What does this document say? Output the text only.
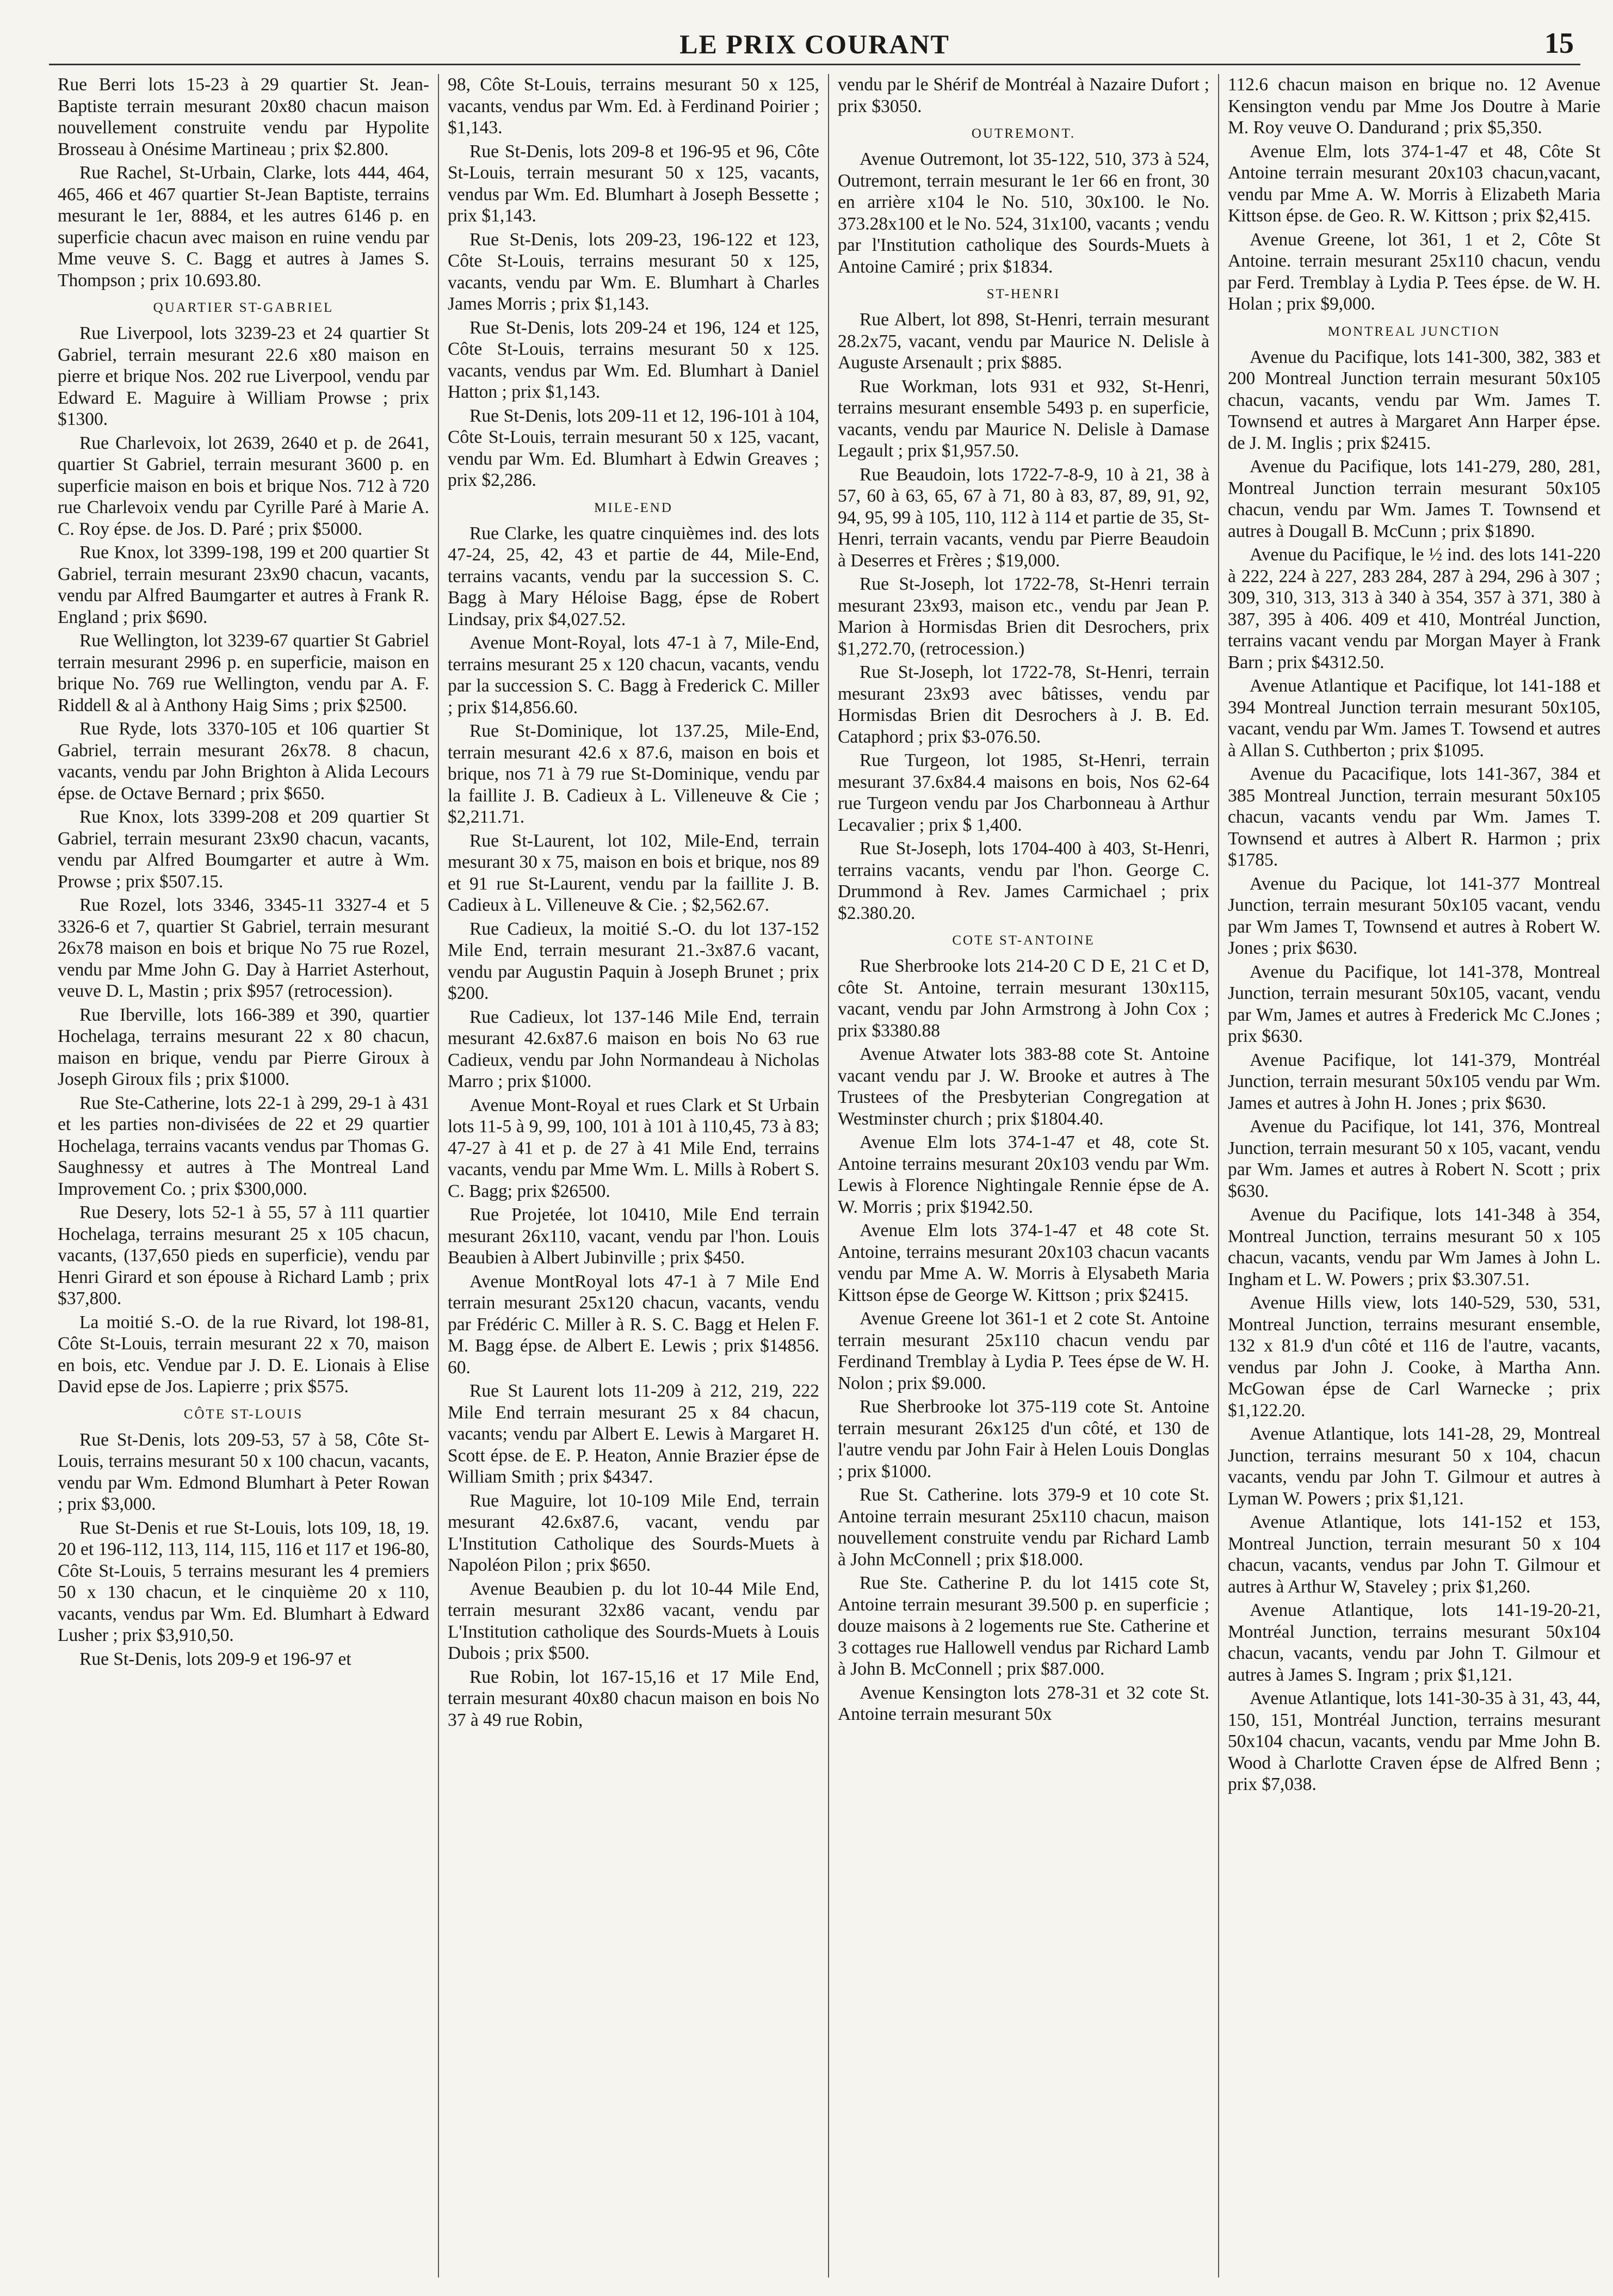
LE PRIX COURANT	15
Rue Berri lots 15-23 à 29 quartier St. Jean-Baptiste terrain mesurant 20x80 chacun maison nouvellement construite vendu par Hypolite Brosseau à Onésime Martineau ; prix $2.800.
Rue Rachel, St-Urbain, Clarke, lots 444, 464, 465, 466 et 467 quartier St-Jean Baptiste, terrains mesurant le 1er, 8884, et les autres 6146 p. en superficie chacun avec maison en ruine vendu par Mme veuve S. C. Bagg et autres à James S. Thompson ; prix 10.693.80.
QUARTIER ST-GABRIEL
Rue Liverpool, lots 3239-23 et 24 quartier St Gabriel, terrain mesurant 22.6 x80 maison en pierre et brique Nos. 202 rue Liverpool, vendu par Edward E. Maguire à William Prowse ; prix $1300.
Rue Charlevoix, lot 2639, 2640 et p. de 2641, quartier St Gabriel, terrain mesurant 3600 p. en superficie maison en bois et brique Nos. 712 à 720 rue Charlevoix vendu par Cyrille Paré à Marie A. C. Roy épse. de Jos. D. Paré ; prix $5000.
Rue Knox, lot 3399-198, 199 et 200 quartier St Gabriel, terrain mesurant 23x90 chacun, vacants, vendu par Alfred Baumgarter et autres à Frank R. England ; prix $690.
Rue Wellington, lot 3239-67 quartier St Gabriel terrain mesurant 2996 p. en superficie, maison en brique No. 769 rue Wellington, vendu par A. F. Riddell & al à Anthony Haig Sims ; prix $2500.
Rue Ryde, lots 3370-105 et 106 quartier St Gabriel, terrain mesurant 26x78. 8 chacun, vacants, vendu par John Brighton à Alida Lecours épse. de Octave Bernard ; prix $650.
Rue Knox, lots 3399-208 et 209 quartier St Gabriel, terrain mesurant 23x90 chacun, vacants, vendu par Alfred Boumgarter et autre à Wm. Prowse ; prix $507.15.
Rue Rozel, lots 3346, 3345-11 3327-4 et 5 3326-6 et 7, quartier St Gabriel, terrain mesurant 26x78 maison en bois et brique No 75 rue Rozel, vendu par Mme John G. Day à Harriet Asterhout, veuve D. L, Mastin ; prix $957 (retrocession).
Rue Iberville, lots 166-389 et 390, quartier Hochelaga, terrains mesurant 22 x 80 chacun, maison en brique, vendu par Pierre Giroux à Joseph Giroux fils ; prix $1000.
Rue Ste-Catherine, lots 22-1 à 299, 29-1 à 431 et les parties non-divisées de 22 et 29 quartier Hochelaga, terrains vacants vendus par Thomas G. Saughnessy et autres à The Montreal Land Improvement Co. ; prix $300,000.
Rue Desery, lots 52-1 à 55, 57 à 111 quartier Hochelaga, terrains mesurant 25 x 105 chacun, vacants, (137,650 pieds en superficie), vendu par Henri Girard et son épouse à Richard Lamb ; prix $37,800.
La moitié S.-O. de la rue Rivard, lot 198-81, Côte St-Louis, terrain mesurant 22 x 70, maison en bois, etc. Vendue par J. D. E. Lionais à Elise David epse de Jos. Lapierre ; prix $575.
CÔTE ST-LOUIS
Rue St-Denis, lots 209-53, 57 à 58, Côte St-Louis, terrains mesurant 50 x 100 chacun, vacants, vendu par Wm. Edmond Blumhart à Peter Rowan ; prix $3,000.
Rue St-Denis et rue St-Louis, lots 109, 18, 19. 20 et 196-112, 113, 114, 115, 116 et 117 et 196-80, Côte St-Louis, 5 terrains mesurant les 4 premiers 50 x 130 chacun, et le cinquième 20 x 110, vacants, vendus par Wm. Ed. Blumhart à Edward Lusher ; prix $3,910,50.
Rue St-Denis, lots 209-9 et 196-97 et
98, Côte St-Louis, terrains mesurant 50 x 125, vacants, vendus par Wm. Ed. à Ferdinand Poirier ; $1,143.
Rue St-Denis, lots 209-8 et 196-95 et 96, Côte St-Louis, terrain mesurant 50 x 125, vacants, vendus par Wm. Ed. Blumhart à Joseph Bessette ; prix $1,143.
Rue St-Denis, lots 209-23, 196-122 et 123, Côte St-Louis, terrains mesurant 50 x 125, vacants, vendu par Wm. E. Blumhart à Charles James Morris ; prix $1,143.
Rue St-Denis, lots 209-24 et 196, 124 et 125, Côte St-Louis, terrains mesurant 50 x 125. vacants, vendus par Wm. Ed. Blumhart à Daniel Hatton ; prix $1,143.
Rue St-Denis, lots 209-11 et 12, 196-101 à 104, Côte St-Louis, terrain mesurant 50 x 125, vacant, vendu par Wm. Ed. Blumhart à Edwin Greaves ; prix $2,286.
MILE-END
Rue Clarke, les quatre cinquièmes ind. des lots 47-24, 25, 42, 43 et partie de 44, Mile-End, terrains vacants, vendu par la succession S. C. Bagg à Mary Héloise Bagg, épse de Robert Lindsay, prix $4,027.52.
Avenue Mont-Royal, lots 47-1 à 7, Mile-End, terrains mesurant 25 x 120 chacun, vacants, vendu par la succession S. C. Bagg à Frederick C. Miller ; prix $14,856.60.
Rue St-Dominique, lot 137.25, Mile-End, terrain mesurant 42.6 x 87.6, maison en bois et brique, nos 71 à 79 rue St-Dominique, vendu par la faillite J. B. Cadieux à L. Villeneuve & Cie ; $2,211.71.
Rue St-Laurent, lot 102, Mile-End, terrain mesurant 30 x 75, maison en bois et brique, nos 89 et 91 rue St-Laurent, vendu par la faillite J. B. Cadieux à L. Villeneuve & Cie. ; $2,562.67.
Rue Cadieux, la moitié S.-O. du lot 137-152 Mile End, terrain mesurant 21.-3x87.6 vacant, vendu par Augustin Paquin à Joseph Brunet ; prix $200.
Rue Cadieux, lot 137-146 Mile End, terrain mesurant 42.6x87.6 maison en bois No 63 rue Cadieux, vendu par John Normandeau à Nicholas Marro ; prix $1000.
Avenue Mont-Royal et rues Clark et St Urbain lots 11-5 à 9, 99, 100, 101 à 101 à 110,45, 73 à 83; 47-27 à 41 et p. de 27 à 41 Mile End, terrains vacants, vendu par Mme Wm. L. Mills à Robert S. C. Bagg; prix $26500.
Rue Projetée, lot 10410, Mile End terrain mesurant 26x110, vacant, vendu par l'hon. Louis Beaubien à Albert Jubinville ; prix $450.
Avenue MontRoyal lots 47-1 à 7 Mile End terrain mesurant 25x120 chacun, vacants, vendu par Frédéric C. Miller à R. S. C. Bagg et Helen F. M. Bagg épse. de Albert E. Lewis ; prix $14856. 60.
Rue St Laurent lots 11-209 à 212, 219, 222 Mile End terrain mesurant 25 x 84 chacun, vacants; vendu par Albert E. Lewis à Margaret H. Scott épse. de E. P. Heaton, Annie Brazier épse de William Smith ; prix $4347.
Rue Maguire, lot 10-109 Mile End, terrain mesurant 42.6x87.6, vacant, vendu par L'Institution Catholique des Sourds-Muets à Napoléon Pilon ; prix $650.
Avenue Beaubien p. du lot 10-44 Mile End, terrain mesurant 32x86 vacant, vendu par L'Institution catholique des Sourds-Muets à Louis Dubois ; prix $500.
Rue Robin, lot 167-15,16 et 17 Mile End, terrain mesurant 40x80 chacun maison en bois No 37 à 49 rue Robin,
vendu par le Shérif de Montréal à Nazaire Dufort ; prix $3050.
OUTREMONT.
Avenue Outremont, lot 35-122, 510, 373 à 524, Outremont, terrain mesurant le 1er 66 en front, 30 en arrière x104 le No. 510, 30x100. le No. 373.28x100 et le No. 524, 31x100, vacants ; vendu par l'Institution catholique des Sourds-Muets à Antoine Camiré ; prix $1834.
ST-HENRI
Rue Albert, lot 898, St-Henri, terrain mesurant 28.2x75, vacant, vendu par Maurice N. Delisle à Auguste Arsenault ; prix $885.
Rue Workman, lots 931 et 932, St-Henri, terrains mesurant ensemble 5493 p. en superficie, vacants, vendu par Maurice N. Delisle à Damase Legault ; prix $1,957.50.
Rue Beaudoin, lots 1722-7-8-9, 10 à 21, 38 à 57, 60 à 63, 65, 67 à 71, 80 à 83, 87, 89, 91, 92, 94, 95, 99 à 105, 110, 112 à 114 et partie de 35, St-Henri, terrain vacants, vendu par Pierre Beaudoin à Deserres et Frères ; $19,000.
Rue St-Joseph, lot 1722-78, St-Henri terrain mesurant 23x93, maison etc., vendu par Jean P. Marion à Hormisdas Brien dit Desrochers, prix $1,272.70, (retrocession.)
Rue St-Joseph, lot 1722-78, St-Henri, terrain mesurant 23x93 avec bâtisses, vendu par Hormisdas Brien dit Desrochers à J. B. Ed. Cataphord ; prix $3-076.50.
Rue Turgeon, lot 1985, St-Henri, terrain mesurant 37.6x84.4 maisons en bois, Nos 62-64 rue Turgeon vendu par Jos Charbonneau à Arthur Lecavalier ; prix $ 1,400.
Rue St-Joseph, lots 1704-400 à 403, St-Henri, terrains vacants, vendu par l'hon. George C. Drummond à Rev. James Carmichael ; prix $2.380.20.
COTE ST-ANTOINE
Rue Sherbrooke lots 214-20 C D E, 21 C et D, côte St. Antoine, terrain mesurant 130x115, vacant, vendu par John Armstrong à John Cox ; prix $3380.88
Avenue Atwater lots 383-88 cote St. Antoine vacant vendu par J. W. Brooke et autres à The Trustees of the Presbyterian Congregation at Westminster church ; prix $1804.40.
Avenue Elm lots 374-1-47 et 48, cote St. Antoine terrains mesurant 20x103 vendu par Wm. Lewis à Florence Nightingale Rennie épse de A. W. Morris ; prix $1942.50.
Avenue Elm lots 374-1-47 et 48 cote St. Antoine, terrains mesurant 20x103 chacun vacants vendu par Mme A. W. Morris à Elysabeth Maria Kittson épse de George W. Kittson ; prix $2415.
Avenue Greene lot 361-1 et 2 cote St. Antoine terrain mesurant 25x110 chacun vendu par Ferdinand Tremblay à Lydia P. Tees épse de W. H. Nolon ; prix $9.000.
Rue Sherbrooke lot 375-119 cote St. Antoine terrain mesurant 26x125 d'un côté, et 130 de l'autre vendu par John Fair à Helen Louis Donglas ; prix $1000.
Rue St. Catherine. lots 379-9 et 10 cote St. Antoine terrain mesurant 25x110 chacun, maison nouvellement construite vendu par Richard Lamb à John McConnell ; prix $18.000.
Rue Ste. Catherine P. du lot 1415 cote St, Antoine terrain mesurant 39.500 p. en superficie ; douze maisons à 2 logements rue Ste. Catherine et 3 cottages rue Hallowell vendus par Richard Lamb à John B. McConnell ; prix $87.000.
Avenue Kensington lots 278-31 et 32 cote St. Antoine terrain mesurant 50x
112.6 chacun maison en brique no. 12 Avenue Kensington vendu par Mme Jos Doutre à Marie M. Roy veuve O. Dandurand ; prix $5,350.
Avenue Elm, lots 374-1-47 et 48, Côte St Antoine terrain mesurant 20x103 chacun,vacant, vendu par Mme A. W. Morris à Elizabeth Maria Kittson épse. de Geo. R. W. Kittson ; prix $2,415.
Avenue Greene, lot 361, 1 et 2, Côte St Antoine. terrain mesurant 25x110 chacun, vendu par Ferd. Tremblay à Lydia P. Tees épse. de W. H. Holan ; prix $9,000.
MONTREAL JUNCTION
Avenue du Pacifique, lots 141-300, 382, 383 et 200 Montreal Junction terrain mesurant 50x105 chacun, vacants, vendu par Wm. James T. Townsend et autres à Margaret Ann Harper épse. de J. M. Inglis ; prix $2415.
Avenue du Pacifique, lots 141-279, 280, 281, Montreal Junction terrain mesurant 50x105 chacun, vendu par Wm. James T. Townsend et autres à Dougall B. McCunn ; prix $1890.
Avenue du Pacifique, le ½ ind. des lots 141-220 à 222, 224 à 227, 283 284, 287 à 294, 296 à 307 ; 309, 310, 313, 313 à 340 à 354, 357 à 371, 380 à 387, 395 à 406. 409 et 410, Montréal Junction, terrains vacant vendu par Morgan Mayer à Frank Barn ; prix $4312.50.
Avenue Atlantique et Pacifique, lot 141-188 et 394 Montreal Junction terrain mesurant 50x105, vacant, vendu par Wm. James T. Towsend et autres à Allan S. Cuthberton ; prix $1095.
Avenue du Pacacifique, lots 141-367, 384 et 385 Montreal Junction, terrain mesurant 50x105 chacun, vacants vendu par Wm. James T. Townsend et autres à Albert R. Harmon ; prix $1785.
Avenue du Pacique, lot 141-377 Montreal Junction, terrain mesurant 50x105 vacant, vendu par Wm James T, Townsend et autres à Robert W. Jones ; prix $630.
Avenue du Pacifique, lot 141-378, Montreal Junction, terrain mesurant 50x105, vacant, vendu par Wm, James et autres à Frederick Mc C.Jones ; prix $630.
Avenue Pacifique, lot 141-379, Montréal Junction, terrain mesurant 50x105 vendu par Wm. James et autres à John H. Jones ; prix $630.
Avenue du Pacifique, lot 141, 376, Montreal Junction, terrain mesurant 50 x 105, vacant, vendu par Wm. James et autres à Robert N. Scott ; prix $630.
Avenue du Pacifique, lots 141-348 à 354, Montreal Junction, terrains mesurant 50 x 105 chacun, vacants, vendu par Wm James à John L. Ingham et L. W. Powers ; prix $3.307.51.
Avenue Hills view, lots 140-529, 530, 531, Montreal Junction, terrains mesurant ensemble, 132 x 81.9 d'un côté et 116 de l'autre, vacants, vendus par John J. Cooke, à Martha Ann. McGowan épse de Carl Warnecke ; prix $1,122.20.
Avenue Atlantique, lots 141-28, 29, Montreal Junction, terrains mesurant 50 x 104, chacun vacants, vendu par John T. Gilmour et autres à Lyman W. Powers ; prix $1,121.
Avenue Atlantique, lots 141-152 et 153, Montreal Junction, terrain mesurant 50 x 104 chacun, vacants, vendus par John T. Gilmour et autres à Arthur W, Staveley ; prix $1,260.
Avenue Atlantique, lots 141-19-20-21, Montréal Junction, terrains mesurant 50x104 chacun, vacants, vendu par John T. Gilmour et autres à James S. Ingram ; prix $1,121.
Avenue Atlantique, lots 141-30-35 à 31, 43, 44, 150, 151, Montréal Junction, terrains mesurant 50x104 chacun, vacants, vendu par Mme John B. Wood à Charlotte Craven épse de Alfred Benn ; prix $7,038.
